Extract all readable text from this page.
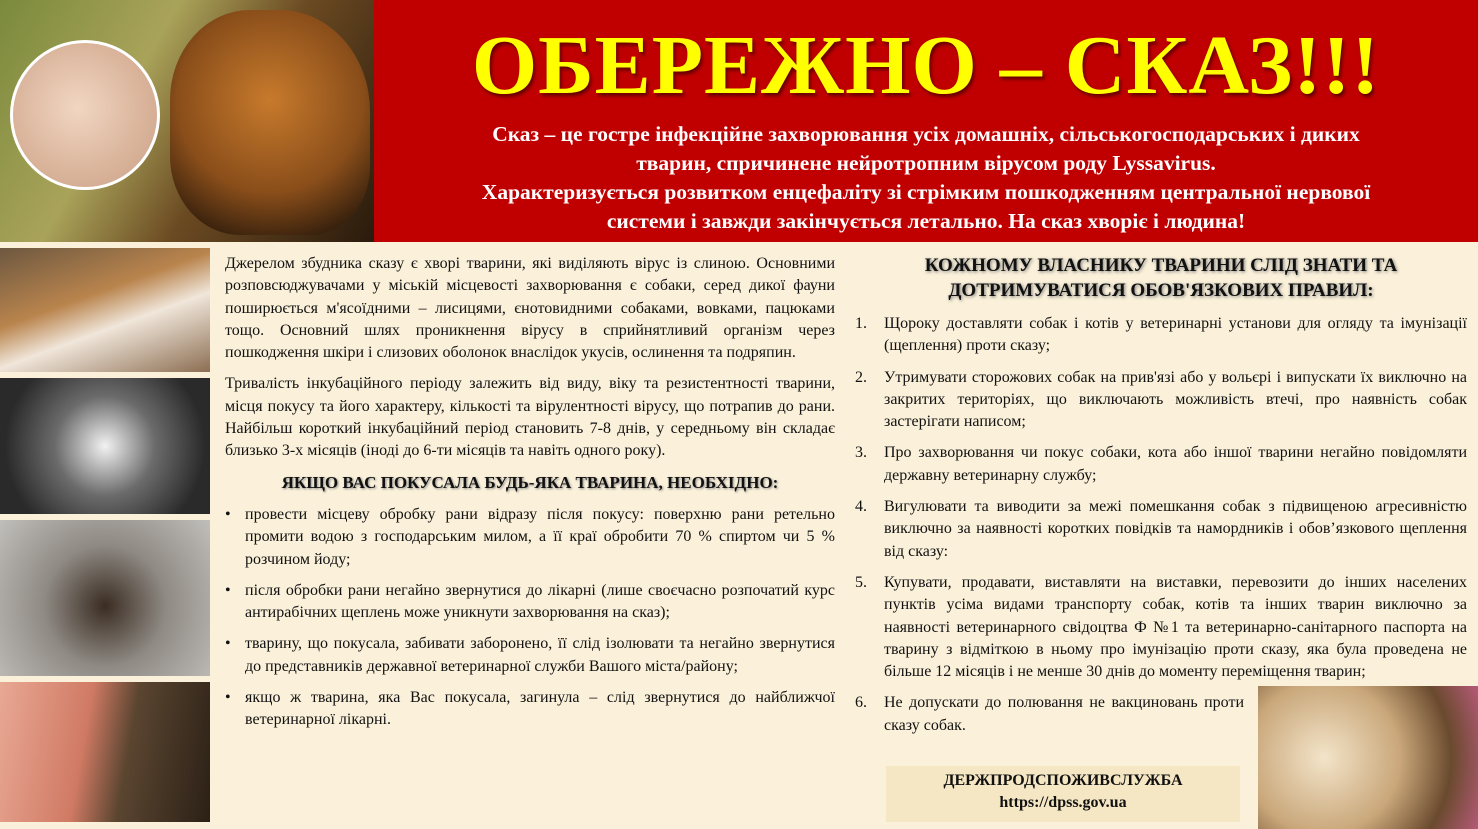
ОБЕРЕЖНО – СКАЗ!!!
Сказ – це гостре інфекційне захворювання усіх домашніх, сільськогосподарських і диких
тварин, спричинене нейротропним вірусом роду Lyssavirus.
Характеризується розвитком енцефаліту зі стрімким пошкодженням центральної нервової
системи і завжди закінчується летально. На сказ хворіє і людина!

Джерелом збудника сказу є хворі тварини, які виділяють вірус із слиною. Основними розповсюджувачами у міській місцевості захворювання є собаки, серед дикої фауни поширюється м'ясоїдними – лисицями, єнотовидними собаками, вовками, пацюками тощо. Основний шлях проникнення вірусу в сприйнятливий організм через пошкодження шкіри і слизових оболонок внаслідок укусів, ослинення та подряпин.

Тривалість інкубаційного періоду залежить від виду, віку та резистентності тварини, місця покусу та його характеру, кількості та вірулентності вірусу, що потрапив до рани. Найбільш короткий інкубаційний період становить 7-8 днів, у середньому він складає близько 3-х місяців (іноді до 6-ти місяців та навіть одного року).

ЯКЩО ВАС ПОКУСАЛА БУДЬ-ЯКА ТВАРИНА, НЕОБХІДНО:
• провести місцеву обробку рани відразу після покусу: поверхню рани ретельно промити водою з господарським милом, а її краї обробити 70 % спиртом чи 5 % розчином йоду;
• після обробки рани негайно звернутися до лікарні (лише своєчасно розпочатий курс антирабічних щеплень може уникнути захворювання на сказ);
• тварину, що покусала, забивати заборонено, її слід ізолювати та негайно звернутися до представників державної ветеринарної служби Вашого міста/району;
• якщо ж тварина, яка Вас покусала, загинула – слід звернутися до найближчої ветеринарної лікарні.
КОЖНОМУ ВЛАСНИКУ ТВАРИНИ СЛІД ЗНАТИ ТА
ДОТРИМУВАТИСЯ ОБОВ'ЯЗКОВИХ ПРАВИЛ:
1.	Щороку доставляти собак і котів у ветеринарні установи для огляду та імунізації (щеплення) проти сказу;
2.	Утримувати сторожових собак на прив'язі або у вольєрі і випускати їх виключно на закритих територіях, що виключають можливість втечі, про наявність собак застерігати написом;
3.	Про захворювання чи покус собаки, кота або іншої тварини негайно повідомляти державну ветеринарну службу;
4.	Вигулювати та виводити за межі помешкання собак з підвищеною агресивністю виключно за наявності коротких повідків та намордників і обов’язкового щеплення від сказу:
5.	Купувати, продавати, виставляти на виставки, перевозити до інших населених пунктів усіма видами транспорту собак, котів та інших тварин виключно за наявності ветеринарного свідоцтва Ф №1 та ветеринарно-санітарного паспорта на тварину з відміткою в ньому про імунізацію проти сказу, яка була проведена не більше 12 місяців і не менше 30 днів до моменту переміщення тварин;
6.	Не допускати до полювання не вакциновань проти сказу собак.
ДЕРЖПРОДСПОЖИВСЛУЖБА
https://dpss.gov.ua
